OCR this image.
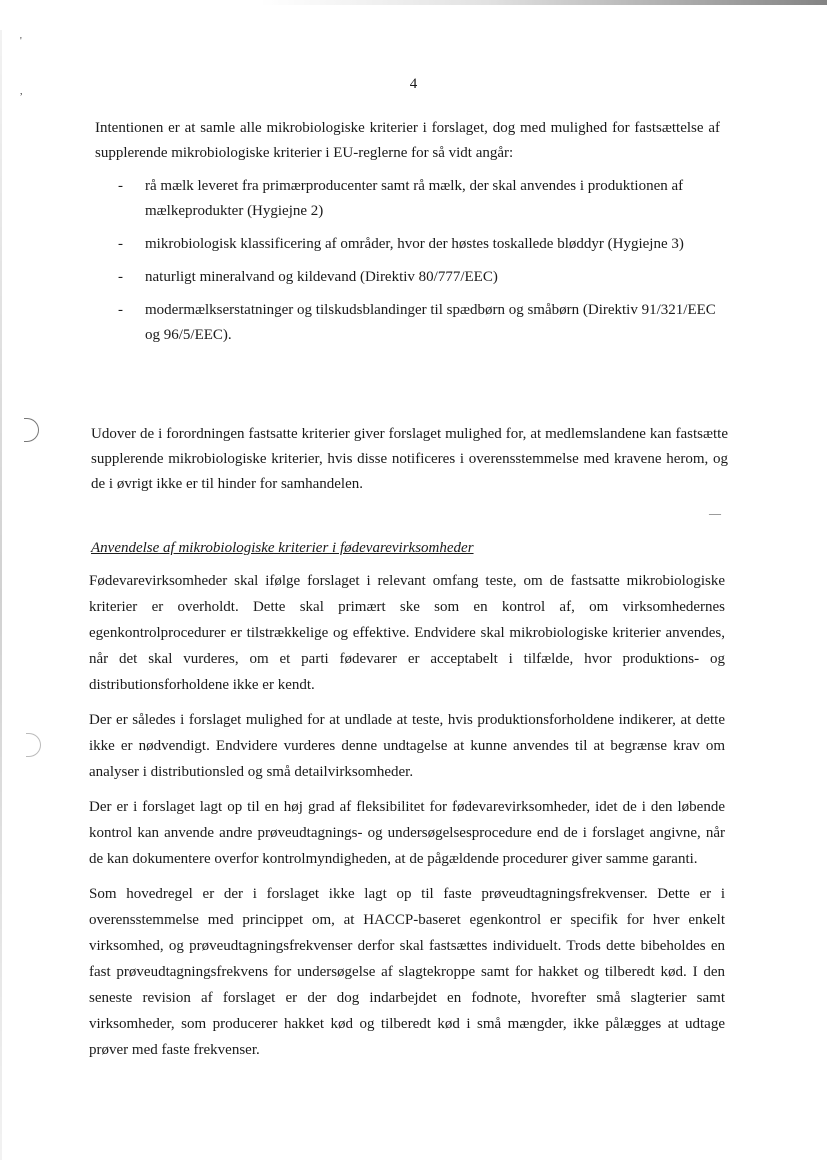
'
,
—
4
Intentionen er at samle alle mikrobiologiske kriterier i forslaget, dog med mulighed for fastsættelse af supplerende mikrobiologiske kriterier i EU-reglerne for så vidt angår:
- rå mælk leveret fra primærproducenter samt rå mælk, der skal anvendes i produktionen af mælkeprodukter (Hygiejne 2)
- mikrobiologisk klassificering af områder, hvor der høstes toskallede bløddyr (Hygiejne 3)
- naturligt mineralvand og kildevand (Direktiv 80/777/EEC)
- modermælkserstatninger og tilskudsblandinger til spædbørn og småbørn (Direktiv 91/321/EEC og 96/5/EEC).
Udover de i forordningen fastsatte kriterier giver forslaget mulighed for, at medlemslandene kan fastsætte supplerende mikrobiologiske kriterier, hvis disse notificeres i overensstemmelse med kravene herom, og de i øvrigt ikke er til hinder for samhandelen.
Anvendelse af mikrobiologiske kriterier i fødevarevirksomheder

Fødevarevirksomheder skal ifølge forslaget i relevant omfang teste, om de fastsatte mikrobiologiske kriterier er overholdt. Dette skal primært ske som en kontrol af, om virksomhedernes egenkontrolprocedurer er tilstrækkelige og effektive. Endvidere skal mikrobiologiske kriterier anvendes, når det skal vurderes, om et parti fødevarer er acceptabelt i tilfælde, hvor produktions- og distributionsforholdene ikke er kendt.

Der er således i forslaget mulighed for at undlade at teste, hvis produktionsforholdene indikerer, at dette ikke er nødvendigt. Endvidere vurderes denne undtagelse at kunne anvendes til at begrænse krav om analyser i distributionsled og små detailvirksomheder.

Der er i forslaget lagt op til en høj grad af fleksibilitet for fødevarevirksomheder, idet de i den løbende kontrol kan anvende andre prøveudtagnings- og undersøgelsesprocedure end de i forslaget angivne, når de kan dokumentere overfor kontrolmyndigheden, at de pågældende procedurer giver samme garanti.

Som hovedregel er der i forslaget ikke lagt op til faste prøveudtagningsfrekvenser. Dette er i overensstemmelse med princippet om, at HACCP-baseret egenkontrol er specifik for hver enkelt virksomhed, og prøveudtagningsfrekvenser derfor skal fastsættes individuelt. Trods dette bibeholdes en fast prøveudtagningsfrekvens for undersøgelse af slagtekroppe samt for hakket og tilberedt kød. I den seneste revision af forslaget er der dog indarbejdet en fodnote, hvorefter små slagterier samt virksomheder, som producerer hakket kød og tilberedt kød i små mængder, ikke pålægges at udtage prøver med faste frekvenser.
